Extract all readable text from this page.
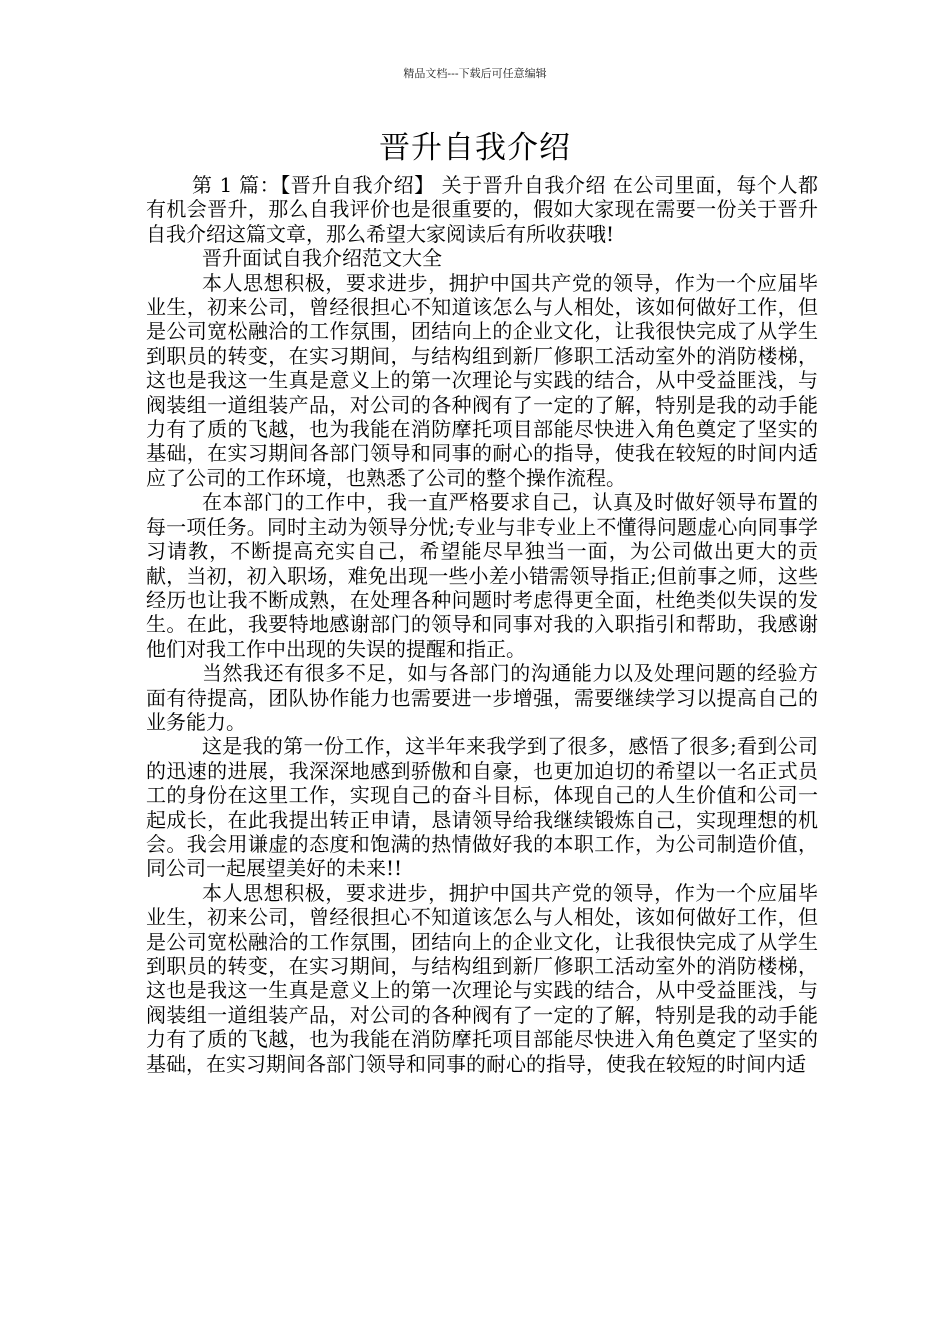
精品文档---下载后可任意编辑
晋升自我介绍

第 1 篇：【晋升自我介绍】 关于晋升自我介绍 在公司里面，每个人都有机会晋升，那么自我评价也是很重要的，假如大家现在需要一份关于晋升自我介绍这篇文章，那么希望大家阅读后有所收获哦!

晋升面试自我介绍范文大全

本人思想积极，要求进步，拥护中国共产党的领导，作为一个应届毕业生，初来公司，曾经很担心不知道该怎么与人相处，该如何做好工作，但是公司宽松融洽的工作氛围，团结向上的企业文化，让我很快完成了从学生到职员的转变，在实习期间，与结构组到新厂修职工活动室外的消防楼梯，这也是我这一生真是意义上的第一次理论与实践的结合，从中受益匪浅，与阀装组一道组装产品，对公司的各种阀有了一定的了解，特别是我的动手能力有了质的飞越，也为我能在消防摩托项目部能尽快进入角色奠定了坚实的基础，在实习期间各部门领导和同事的耐心的指导，使我在较短的时间内适应了公司的工作环境，也熟悉了公司的整个操作流程。

在本部门的工作中，我一直严格要求自己，认真及时做好领导布置的每一项任务。同时主动为领导分忧;专业与非专业上不懂得问题虚心向同事学习请教，不断提高充实自己，希望能尽早独当一面，为公司做出更大的贡献，当初，初入职场，难免出现一些小差小错需领导指正;但前事之师，这些经历也让我不断成熟，在处理各种问题时考虑得更全面，杜绝类似失误的发生。在此，我要特地感谢部门的领导和同事对我的入职指引和帮助，我感谢他们对我工作中出现的失误的提醒和指正。

当然我还有很多不足，如与各部门的沟通能力以及处理问题的经验方面有待提高，团队协作能力也需要进一步增强，需要继续学习以提高自己的业务能力。

这是我的第一份工作，这半年来我学到了很多，感悟了很多;看到公司的迅速的进展，我深深地感到骄傲和自豪，也更加迫切的希望以一名正式员工的身份在这里工作，实现自己的奋斗目标，体现自己的人生价值和公司一起成长，在此我提出转正申请，恳请领导给我继续锻炼自己，实现理想的机会。我会用谦虚的态度和饱满的热情做好我的本职工作，为公司制造价值，同公司一起展望美好的未来!!

本人思想积极，要求进步，拥护中国共产党的领导，作为一个应届毕业生，初来公司，曾经很担心不知道该怎么与人相处，该如何做好工作，但是公司宽松融洽的工作氛围，团结向上的企业文化，让我很快完成了从学生到职员的转变，在实习期间，与结构组到新厂修职工活动室外的消防楼梯，这也是我这一生真是意义上的第一次理论与实践的结合，从中受益匪浅，与阀装组一道组装产品，对公司的各种阀有了一定的了解，特别是我的动手能力有了质的飞越，也为我能在消防摩托项目部能尽快进入角色奠定了坚实的基础，在实习期间各部门领导和同事的耐心的指导，使我在较短的时间内适
